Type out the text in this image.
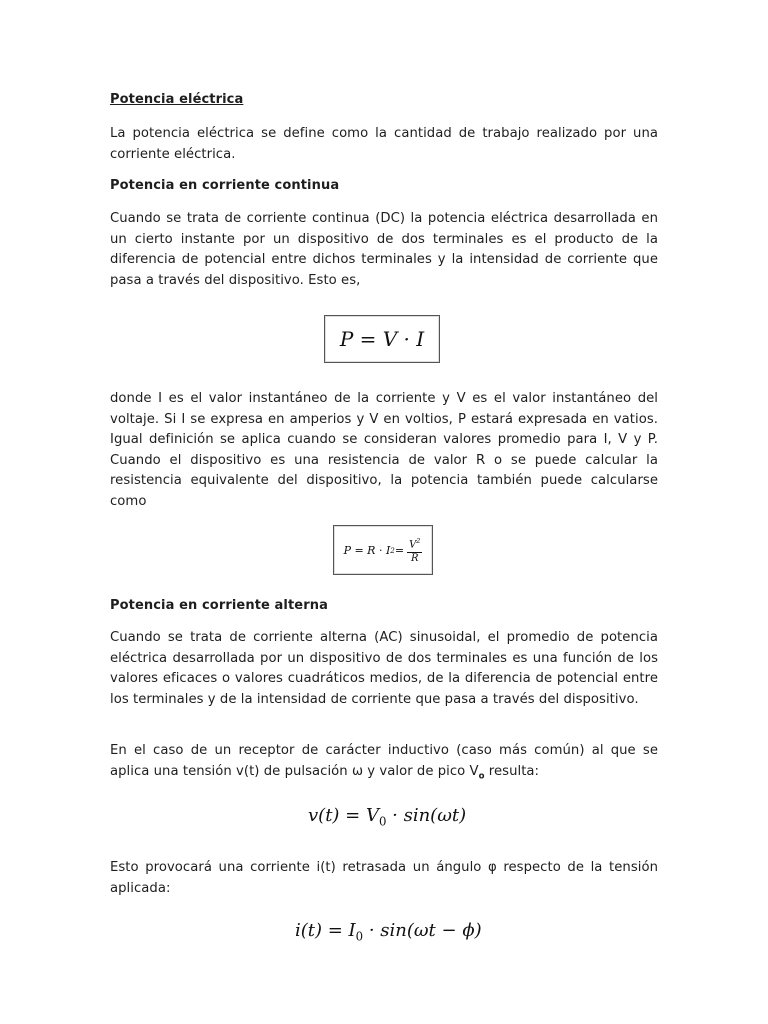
Potencia eléctrica
La potencia eléctrica se define como la cantidad de trabajo realizado por una corriente eléctrica.
Potencia en corriente continua
Cuando se trata de corriente continua (DC) la potencia eléctrica desarrollada en un cierto instante por un dispositivo de dos terminales es el producto de la diferencia de potencial entre dichos terminales y la intensidad de corriente que pasa a través del dispositivo. Esto es,
P = V · I
donde I es el valor instantáneo de la corriente y V es el valor instantáneo del voltaje. Si I se expresa en amperios y V en voltios, P estará expresada en vatios. Igual definición se aplica cuando se consideran valores promedio para I, V y P. Cuando el dispositivo es una resistencia de valor R o se puede calcular la resistencia equivalente del dispositivo, la potencia también puede calcularse como
P = R · I $2 = \frac{V^2}{R}$
Potencia en corriente alterna
Cuando se trata de corriente alterna (AC) sinusoidal, el promedio de potencia eléctrica desarrollada por un dispositivo de dos terminales es una función de los valores eficaces o valores cuadráticos medios, de la diferencia de potencial entre los terminales y de la intensidad de corriente que pasa a través del dispositivo.
En el caso de un receptor de carácter inductivo (caso más común) al que se aplica una tensión v(t) de pulsación ω y valor de pico $V_o$ resulta:
$v(t) = V_0 \cdot \sin(\omega t)$
Esto provocará una corriente i(t) retrasada un ángulo φ respecto de la tensión aplicada:
$i(t) = I_0 \cdot \sin(\omega t - \phi)$
